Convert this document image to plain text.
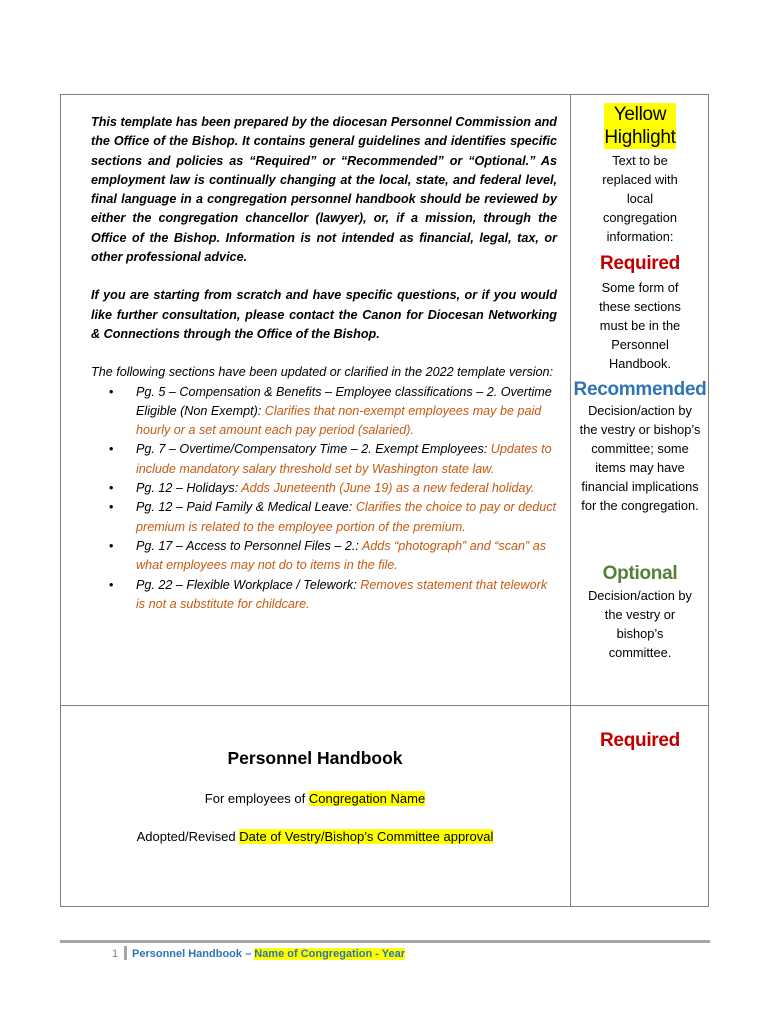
This template has been prepared by the diocesan Personnel Commission and the Office of the Bishop. It contains general guidelines and identifies specific sections and policies as “Required” or “Recommended” or “Optional.” As employment law is continually changing at the local, state, and federal level, final language in a congregation personnel handbook should be reviewed by either the congregation chancellor (lawyer), or, if a mission, through the Office of the Bishop. Information is not intended as financial, legal, tax, or other professional advice.

If you are starting from scratch and have specific questions, or if you would like further consultation, please contact the Canon for Diocesan Networking & Connections through the Office of the Bishop.

The following sections have been updated or clarified in the 2022 template version:

• Pg. 5 – Compensation & Benefits – Employee classifications – 2. Overtime Eligible (Non Exempt): Clarifies that non-exempt employees may be paid hourly or a set amount each pay period (salaried).
• Pg. 7 – Overtime/Compensatory Time – 2. Exempt Employees: Updates to include mandatory salary threshold set by Washington state law.
• Pg. 12 – Holidays: Adds Juneteenth (June 19) as a new federal holiday.
• Pg. 12 – Paid Family & Medical Leave: Clarifies the choice to pay or deduct premium is related to the employee portion of the premium.
• Pg. 17 – Access to Personnel Files – 2.: Adds “photograph” and “scan” as what employees may not do to items in the file.
• Pg. 22 – Flexible Workplace / Telework: Removes statement that telework is not a substitute for childcare.
Yellow Highlight
Text to be replaced with local congregation information:
Required
Some form of these sections must be in the Personnel Handbook.
Recommended
Decision/action by the vestry or bishop’s committee; some items may have financial implications for the congregation.
Optional
Decision/action by the vestry or bishop’s committee.
Required
Personnel Handbook
For employees of Congregation Name
Adopted/Revised Date of Vestry/Bishop’s Committee approval
1 Personnel Handbook – Name of Congregation - Year
